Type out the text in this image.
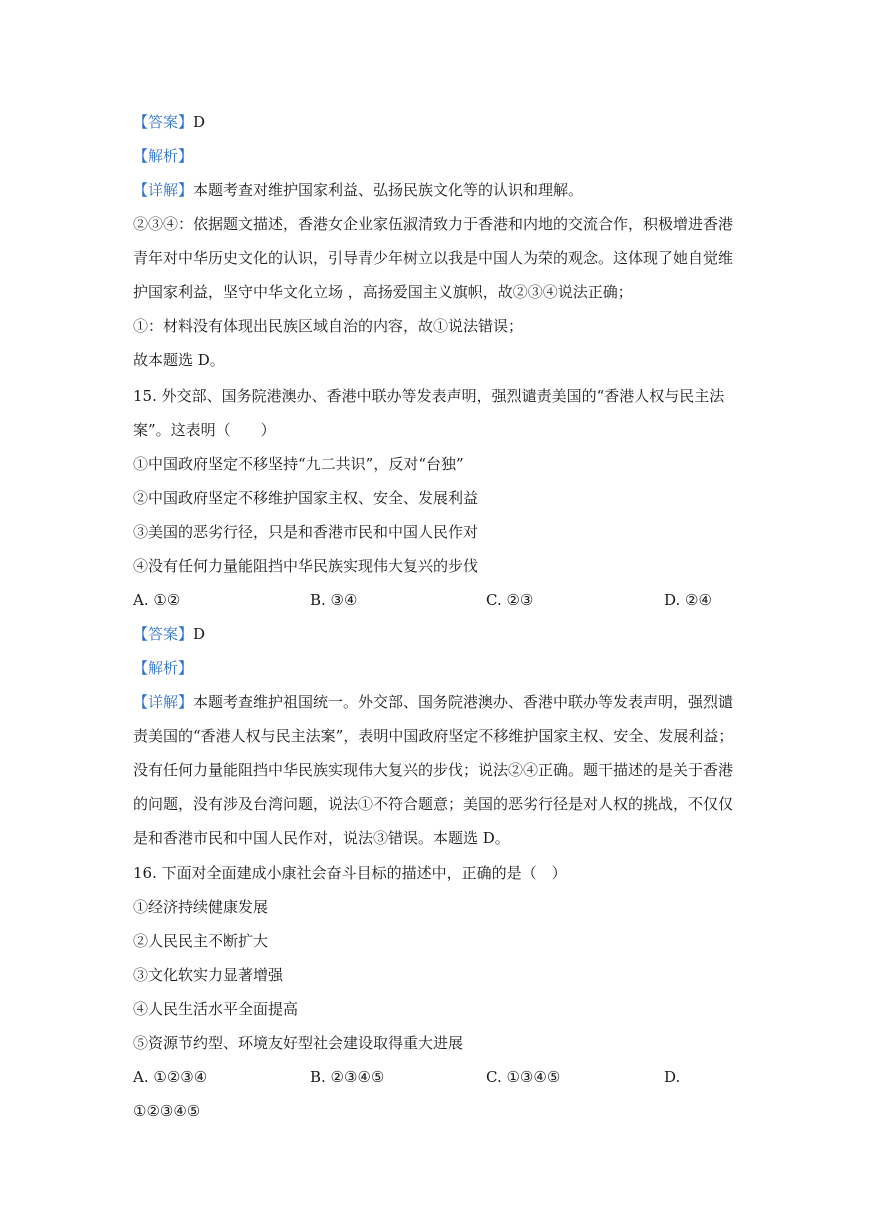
【答案】D
【解析】
【详解】本题考查对维护国家利益、弘扬民族文化等的认识和理解。
②③④：依据题文描述，香港女企业家伍淑清致力于香港和内地的交流合作，积极增进香港
青年对中华历史文化的认识，引导青少年树立以我是中国人为荣的观念。这体现了她自觉维
护国家利益，坚守中华文化立场 ，高扬爱国主义旗帜，故②③④说法正确；
①：材料没有体现出民族区域自治的内容，故①说法错误；
故本题选 D。
15. 外交部、国务院港澳办、香港中联办等发表声明，强烈谴责美国的“香港人权与民主法
案”。这表明（　　）
①中国政府坚定不移坚持“九二共识”，反对“台独”
②中国政府坚定不移维护国家主权、安全、发展利益
③美国的恶劣行径，只是和香港市民和中国人民作对
④没有任何力量能阻挡中华民族实现伟大复兴的步伐
A. ①②	B. ③④	C. ②③	D. ②④
【答案】D
【解析】
【详解】本题考查维护祖国统一。外交部、国务院港澳办、香港中联办等发表声明，强烈谴
责美国的“香港人权与民主法案”，表明中国政府坚定不移维护国家主权、安全、发展利益；
没有任何力量能阻挡中华民族实现伟大复兴的步伐；说法②④正确。题干描述的是关于香港
的问题，没有涉及台湾问题，说法①不符合题意；美国的恶劣行径是对人权的挑战，不仅仅
是和香港市民和中国人民作对，说法③错误。本题选 D。
16. 下面对全面建成小康社会奋斗目标的描述中，正确的是（　）
①经济持续健康发展
②人民民主不断扩大
③文化软实力显著增强
④人民生活水平全面提高
⑤资源节约型、环境友好型社会建设取得重大进展
A. ①②③④	B. ②③④⑤	C. ①③④⑤	D.
①②③④⑤
